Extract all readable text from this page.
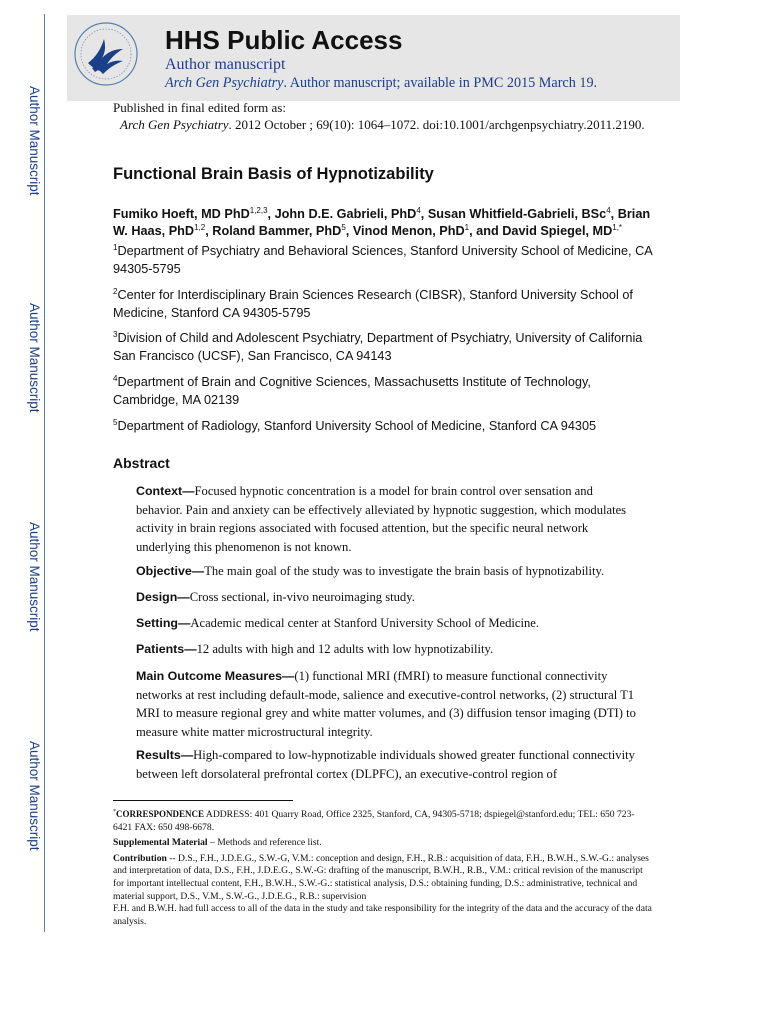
Author Manuscript
Author Manuscript
Author Manuscript
Author Manuscript
HHS Public Access
Author manuscript
Arch Gen Psychiatry. Author manuscript; available in PMC 2015 March 19.
Published in final edited form as:
Arch Gen Psychiatry. 2012 October ; 69(10): 1064–1072. doi:10.1001/archgenpsychiatry.2011.2190.
Functional Brain Basis of Hypnotizability
Fumiko Hoeft, MD PhD$^{1,2,3}$, John D.E. Gabrieli, PhD$^4$, Susan Whitfield-Gabrieli, BSc$^4$, Brian W. Haas, PhD$^{1,2}$, Roland Bammer, PhD$^5$, Vinod Menon, PhD$^1$, and David Spiegel, $MD^{1,*}$
$^1$Department of Psychiatry and Behavioral Sciences, Stanford University School of Medicine, CA 94305-5795
$^2$Center for Interdisciplinary Brain Sciences Research (CIBSR), Stanford University School of Medicine, Stanford CA 94305-5795
$^3$Division of Child and Adolescent Psychiatry, Department of Psychiatry, University of California San Francisco (UCSF), San Francisco, CA 94143
$^4$Department of Brain and Cognitive Sciences, Massachusetts Institute of Technology, Cambridge, MA 02139
$^5$Department of Radiology, Stanford University School of Medicine, Stanford CA 94305
Abstract
Context—Focused hypnotic concentration is a model for brain control over sensation and behavior. Pain and anxiety can be effectively alleviated by hypnotic suggestion, which modulates activity in brain regions associated with focused attention, but the specific neural network underlying this phenomenon is not known.
Objective—The main goal of the study was to investigate the brain basis of hypnotizability.
Design—Cross sectional, in-vivo neuroimaging study.
Setting—Academic medical center at Stanford University School of Medicine.
Patients—12 adults with high and 12 adults with low hypnotizability.
Main Outcome Measures—(1) functional MRI (fMRI) to measure functional connectivity networks at rest including default-mode, salience and executive-control networks, (2) structural T1 MRI to measure regional grey and white matter volumes, and (3) diffusion tensor imaging (DTI) to measure white matter microstructural integrity.
Results—High-compared to low-hypnotizable individuals showed greater functional connectivity between left dorsolateral prefrontal cortex (DLPFC), an executive-control region of

*CORRESPONDENCE ADDRESS: 401 Quarry Road, Office 2325, Stanford, CA, 94305-5718; dspiegel@stanford.edu; TEL: 650 723-6421 FAX: 650 498-6678.

Supplemental Material – Methods and reference list.

Contribution -- D.S., F.H., J.D.E.G., S.W.-G, V.M.: conception and design, F.H., R.B.: acquisition of data, F.H., B.W.H., S.W.-G.: analyses and interpretation of data, D.S., F.H., J.D.E.G., S.W.-G: drafting of the manuscript, B.W.H., R.B., V.M.: critical revision of the manuscript for important intellectual content, F.H., B.W.H., S.W.-G.: statistical analysis, D.S.: obtaining funding, D.S.: administrative, technical and material support, D.S., V.M., S.W.-G., J.D.E.G., R.B.: supervision

F.H. and B.W.H. had full access to all of the data in the study and take responsibility for the integrity of the data and the accuracy of the data analysis.
